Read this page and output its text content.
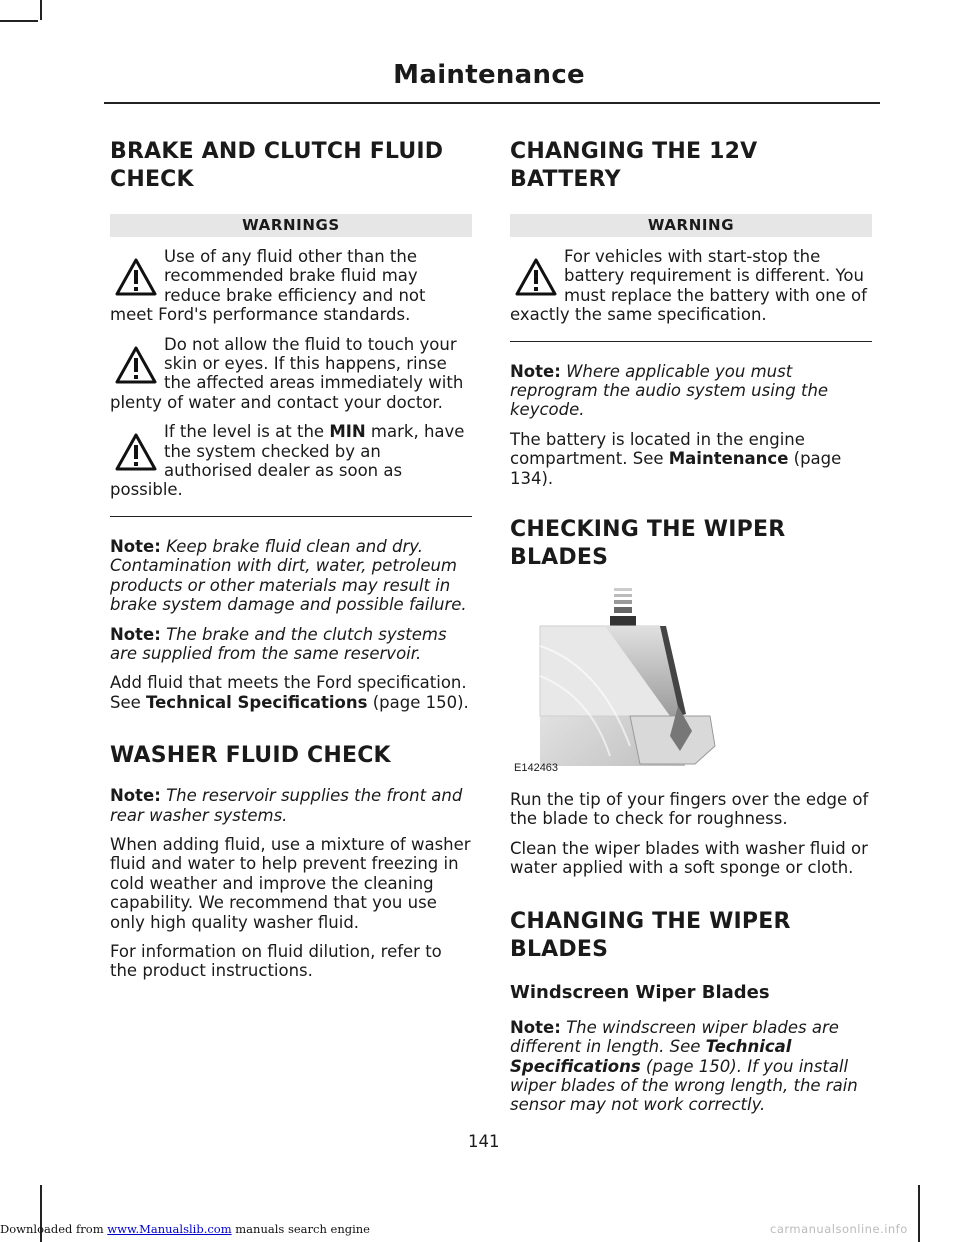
Maintenance
BRAKE AND CLUTCH FLUID CHECK
WARNINGS
Use of any fluid other than the recommended brake fluid may reduce brake efficiency and not meet Ford's performance standards.
Do not allow the fluid to touch your skin or eyes. If this happens, rinse the affected areas immediately with plenty of water and contact your doctor.
If the level is at the MIN mark, have the system checked by an authorised dealer as soon as possible.

Note: Keep brake fluid clean and dry. Contamination with dirt, water, petroleum products or other materials may result in brake system damage and possible failure.

Note: The brake and the clutch systems are supplied from the same reservoir.

Add fluid that meets the Ford specification. See Technical Specifications (page 150).

WASHER FLUID CHECK

Note: The reservoir supplies the front and rear washer systems.

When adding fluid, use a mixture of washer fluid and water to help prevent freezing in cold weather and improve the cleaning capability. We recommend that you use only high quality washer fluid.

For information on fluid dilution, refer to the product instructions.

CHANGING THE 12V BATTERY
WARNING
For vehicles with start-stop the battery requirement is different. You must replace the battery with one of exactly the same specification.

Note: Where applicable you must reprogram the audio system using the keycode.

The battery is located in the engine compartment. See Maintenance (page 134).

CHECKING THE WIPER BLADES
E142463

Run the tip of your fingers over the edge of the blade to check for roughness.

Clean the wiper blades with washer fluid or water applied with a soft sponge or cloth.

CHANGING THE WIPER BLADES
Windscreen Wiper Blades

Note: The windscreen wiper blades are different in length. See Technical Specifications (page 150). If you install wiper blades of the wrong length, the rain sensor may not work correctly.

141
Downloaded from www.Manualslib.com manuals search engine	carmanualsonline.info
